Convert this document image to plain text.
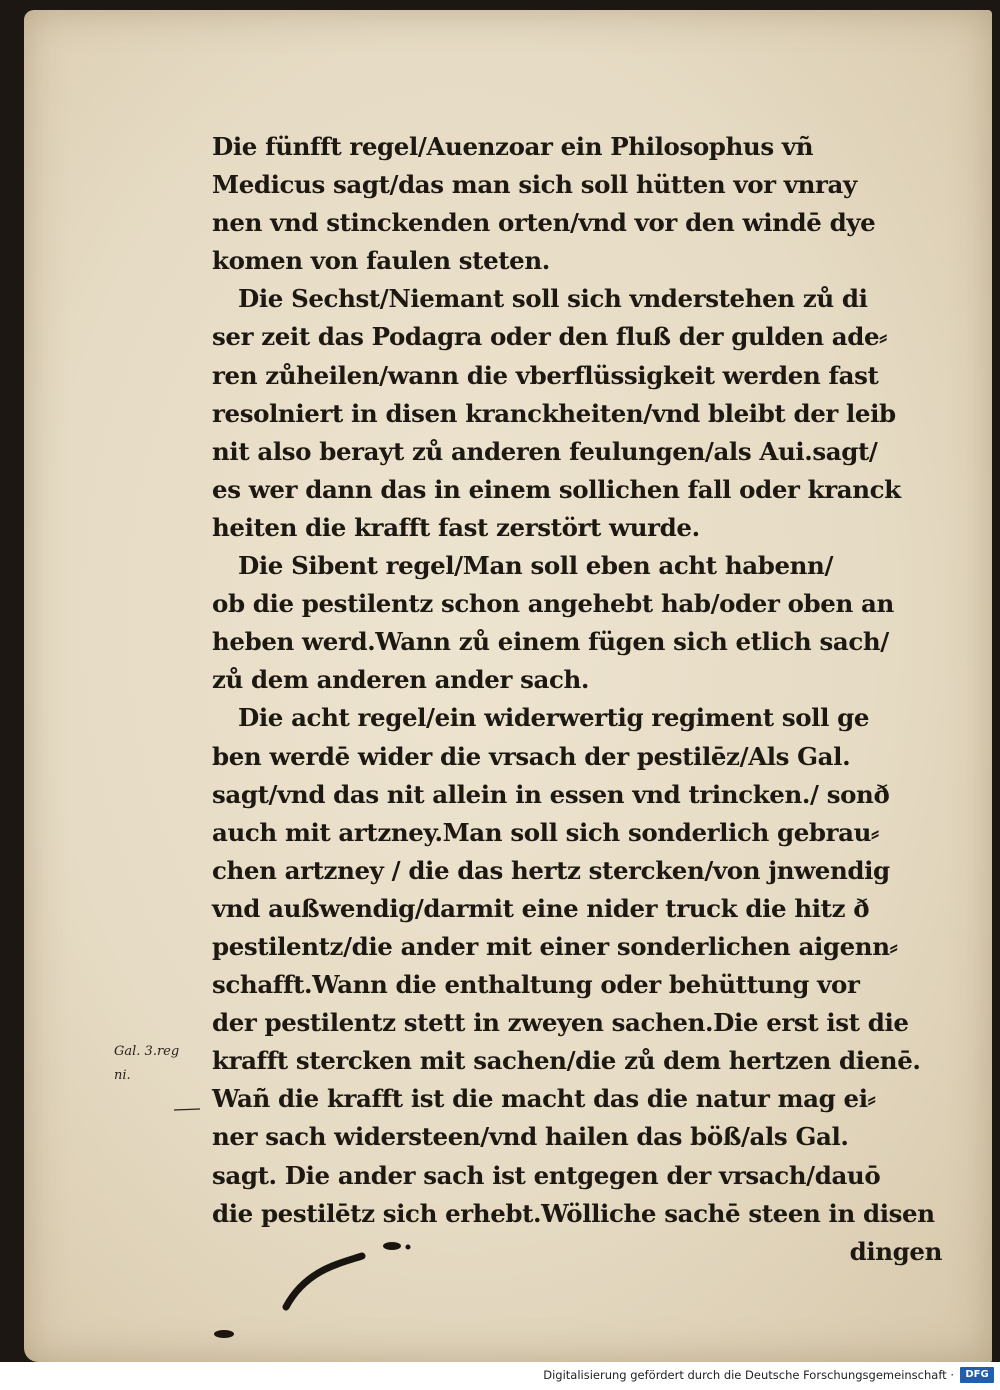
Die fünfft regel/Auenzoar ein Philosophus vñ
Medicus sagt/das man sich soll hütten vor vnray
nen vnd stinckenden orten/vnd vor den windē dye
komen von faulen steten.
Die Sechst/Niemant soll sich vnderstehen zů di
ser zeit das Podagra oder den fluß der gulden ade⸗
ren zůheilen/wann die vberflüssigkeit werden fast
resolniert in disen kranckheiten/vnd bleibt der leib
nit also berayt zů anderen feulungen/als Aui.sagt/
es wer dann das in einem sollichen fall oder kranck
heiten die krafft fast zerstört wurde.
Die Sibent regel/Man soll eben acht habenn/
ob die pestilentz schon angehebt hab/oder oben an
heben werd.Wann zů einem fügen sich etlich sach/
zů dem anderen ander sach.
Die acht regel/ein widerwertig regiment soll ge
ben werdē wider die vrsach der pestilēz/Als Gal.
sagt/vnd das nit allein in essen vnd trincken./ sonð
auch mit artzney.Man soll sich sonderlich gebrau⸗
chen artzney / die das hertz stercken/von jnwendig
vnd außwendig/darmit eine nider truck die hitz ð
pestilentz/die ander mit einer sonderlichen aigenn⸗
schafft.Wann die enthaltung oder behüttung vor
der pestilentz stett in zweyen sachen.Die erst ist die
krafft stercken mit sachen/die zů dem hertzen dienē.
Wañ die krafft ist die macht das die natur mag ei⸗
ner sach widersteen/vnd hailen das böß/als Gal.
sagt. Die ander sach ist entgegen der vrsach/dauō
die pestilētz sich erhebt.Wölliche sachē steen in disen
dingen
Gal. 3.reg
ni.
Digitalisierung gefördert durch die Deutsche Forschungsgemeinschaft ·	DFG
